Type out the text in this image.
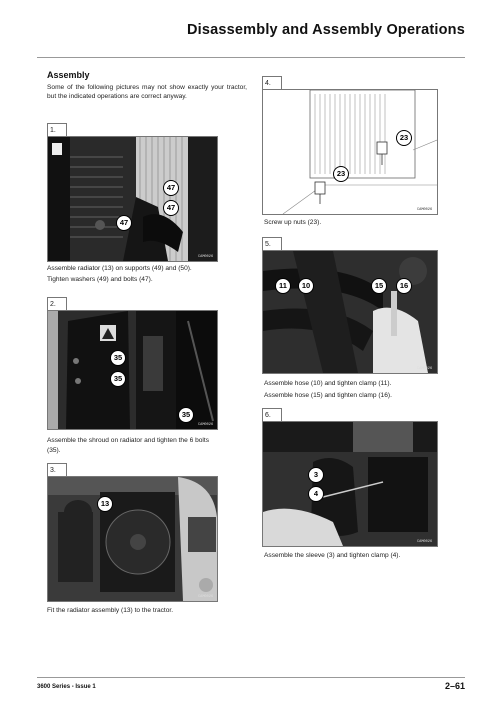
Disassembly and Assembly Operations
Assembly
Some of the following pictures may not show exactly your tractor, but the indicated operations are correct anyway.
1.
47
47
47
CAM0026
Assemble radiator (13) on supports (49) and (50).
Tighten washers (49) and bolts (47).
2.
35
35
35
CAM0026
Assemble the shroud on radiator and tighten the 6 bolts
(35).
3.
13
CAM0026
Fit the radiator assembly (13) to the tractor.
4.
23
23
CAM0026
Screw up nuts (23).
5.
11	10	15	16
CAM0026
Assemble hose (10) and tighten clamp (11).
Assemble hose (15) and tighten clamp (16).
6.
3
4
CAM0026
Assemble the sleeve (3) and tighten clamp (4).
3600 Series - Issue 1	2–61
